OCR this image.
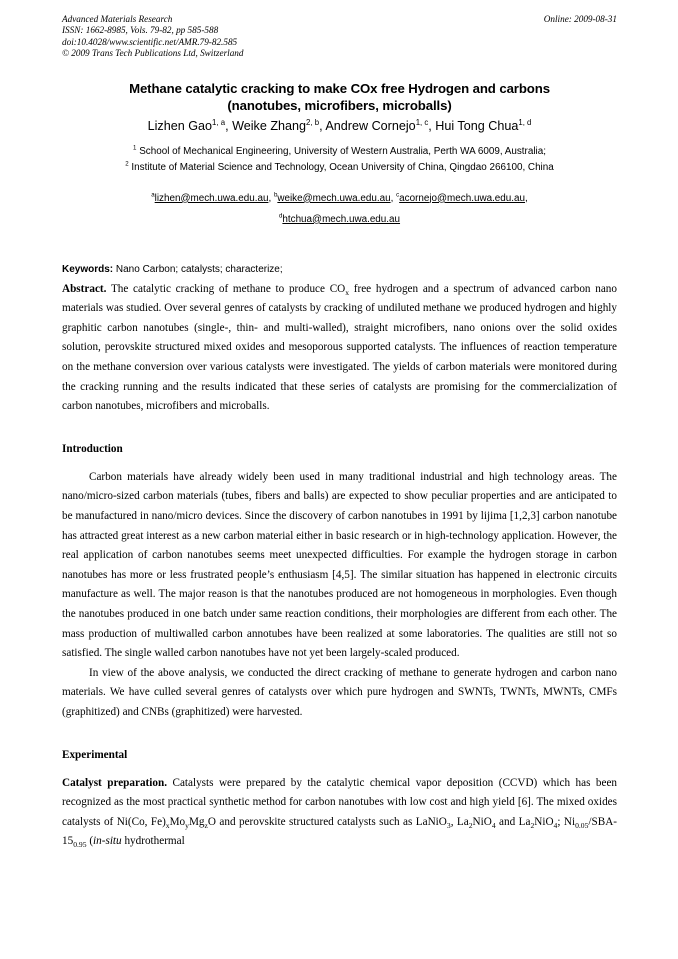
Advanced Materials Research
ISSN: 1662-8985, Vols. 79-82, pp 585-588
doi:10.4028/www.scientific.net/AMR.79-82.585
© 2009 Trans Tech Publications Ltd, Switzerland
Online: 2009-08-31
Methane catalytic cracking to make COx free Hydrogen and carbons
(nanotubes, microfibers, microballs)
Lizhen Gao$^{1, a}$, Weike Zhang$^{2, b}$, Andrew Cornejo$^{1, c}$, Hui Tong Chua$^{1, d}$
$^1$ School of Mechanical Engineering, University of Western Australia, Perth WA 6009, Australia;
$^2$ Institute of Material Science and Technology, Ocean University of China, Qingdao 266100, China
$^a$lizhen@mech.uwa.edu.au, $^b$weike@mech.uwa.edu.au, $^c$acornejo@mech.uwa.edu.au,
$^d$htchua@mech.uwa.edu.au
Keywords: Nano Carbon; catalysts; characterize;
Abstract. The catalytic cracking of methane to produce $CO_x$ free hydrogen and a spectrum of advanced carbon nano materials was studied. Over several genres of catalysts by cracking of undiluted methane we produced hydrogen and highly graphitic carbon nanotubes (single-, thin- and multi-walled), straight microfibers, nano onions over the solid oxides solution, perovskite structured mixed oxides and mesoporous supported catalysts. The influences of reaction temperature on the methane conversion over various catalysts were investigated. The yields of carbon materials were monitored during the cracking running and the results indicated that these series of catalysts are promising for the commercialization of carbon nanotubes, microfibers and microballs.
Introduction

Carbon materials have already widely been used in many traditional industrial and high technology areas. The nano/micro-sized carbon materials (tubes, fibers and balls) are expected to show peculiar properties and are anticipated to be manufactured in nano/micro devices. Since the discovery of carbon nanotubes in 1991 by lijima [1,2,3] carbon nanotube has attracted great interest as a new carbon material either in basic research or in high-technology application. However, the real application of carbon nanotubes seems meet unexpected difficulties. For example the hydrogen storage in carbon nanotubes has more or less frustrated people’s enthusiasm [4,5]. The similar situation has happened in electronic circuits manufacture as well. The major reason is that the nanotubes produced are not homogeneous in morphologies. Even though the nanotubes produced in one batch under same reaction conditions, their morphologies are different from each other. The mass production of multiwalled carbon annotubes have been realized at some laboratories. The qualities are still not so satisfied. The single walled carbon nanotubes have not yet been largely-scaled produced.

In view of the above analysis, we conducted the direct cracking of methane to generate hydrogen and carbon nano materials. We have culled several genres of catalysts over which pure hydrogen and SWNTs, TWNTs, MWNTs, CMFs (graphitized) and CNBs (graphitized) were harvested.

Experimental

Catalyst preparation. Catalysts were prepared by the catalytic chemical vapor deposition (CCVD) which has been recognized as the most practical synthetic method for carbon nanotubes with low cost and high yield [6]. The mixed oxides catalysts of Ni(Co, $Fe)_xMo_yMg_zO$ and perovskite structured catalysts such as LaNiO$_3$, $La_2NiO_4$ and $La_2NiO_4$; $Ni_{0.05}/SBA-15_{0.95}$ (in-situ hydrothermal
